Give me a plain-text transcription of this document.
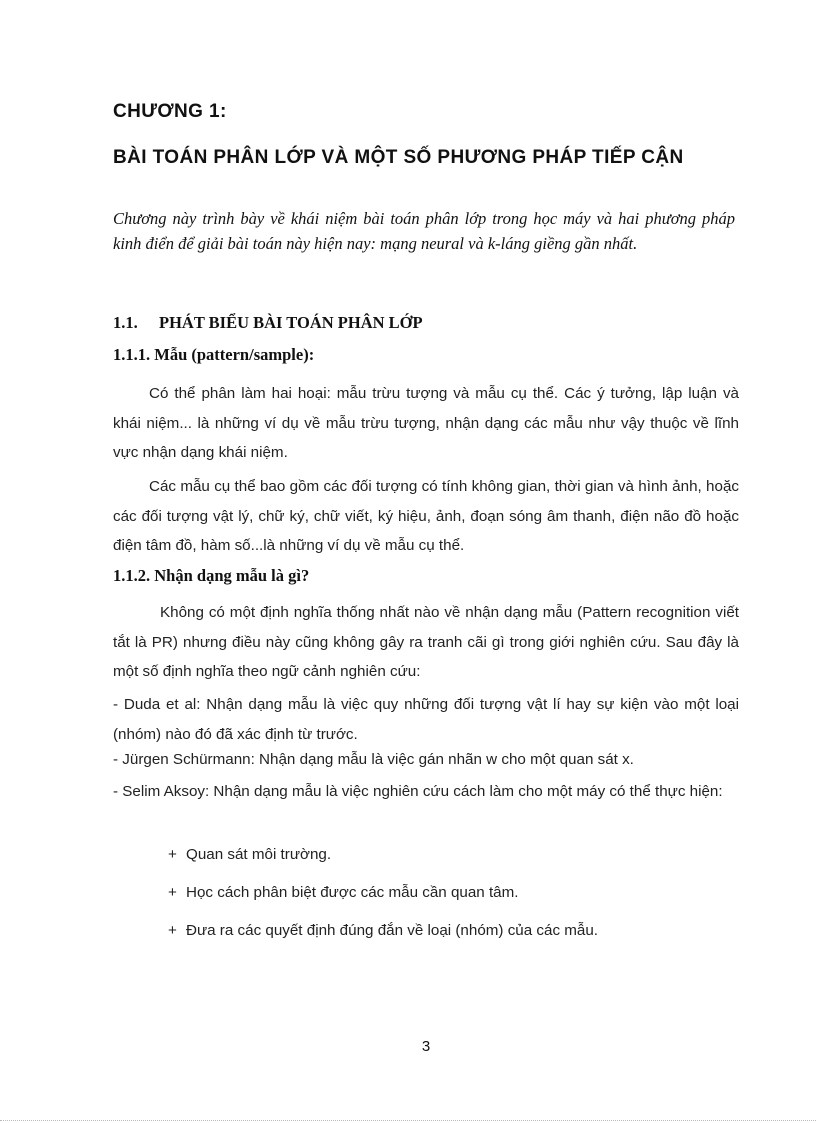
CHƯƠNG 1:
BÀI TOÁN PHÂN LỚP VÀ MỘT SỐ PHƯƠNG PHÁP TIẾP CẬN

Chương này trình bày về khái niệm bài toán phân lớp trong học máy và hai phương pháp kinh điển để giải bài toán này hiện nay: mạng neural và k-láng giềng gần nhất.

1.1. PHÁT BIỂU BÀI TOÁN PHÂN LỚP
1.1.1. Mẫu (pattern/sample):

Có thể phân làm hai hoại: mẫu trừu tượng và mẫu cụ thể. Các ý tưởng, lập luận và khái niệm... là những ví dụ về mẫu trừu tượng, nhận dạng các mẫu như vậy thuộc về lĩnh vực nhận dạng khái niệm.

Các mẫu cụ thể bao gồm các đối tượng có tính không gian, thời gian và hình ảnh, hoặc các đối tượng vật lý, chữ ký, chữ viết, ký hiệu, ảnh, đoạn sóng âm thanh, điện não đồ hoặc điện tâm đồ, hàm số...là những ví dụ về mẫu cụ thể.

1.1.2. Nhận dạng mẫu là gì?

Không có một định nghĩa thống nhất nào về nhận dạng mẫu (Pattern recognition viết tắt là PR) nhưng điều này cũng không gây ra tranh cãi gì trong giới nghiên cứu. Sau đây là một số định nghĩa theo ngữ cảnh nghiên cứu:

- Duda et al: Nhận dạng mẫu là việc quy những đối tượng vật lí hay sự kiện vào một loại (nhóm) nào đó đã xác định từ trước.

- Jürgen Schürmann: Nhận dạng mẫu là việc gán nhãn w cho một quan sát x.

- Selim Aksoy: Nhận dạng mẫu là việc nghiên cứu cách làm cho một máy có thể thực hiện:

+ Quan sát môi trường.
+ Học cách phân biệt được các mẫu cần quan tâm.
+ Đưa ra các quyết định đúng đắn về loại (nhóm) của các mẫu.
3
